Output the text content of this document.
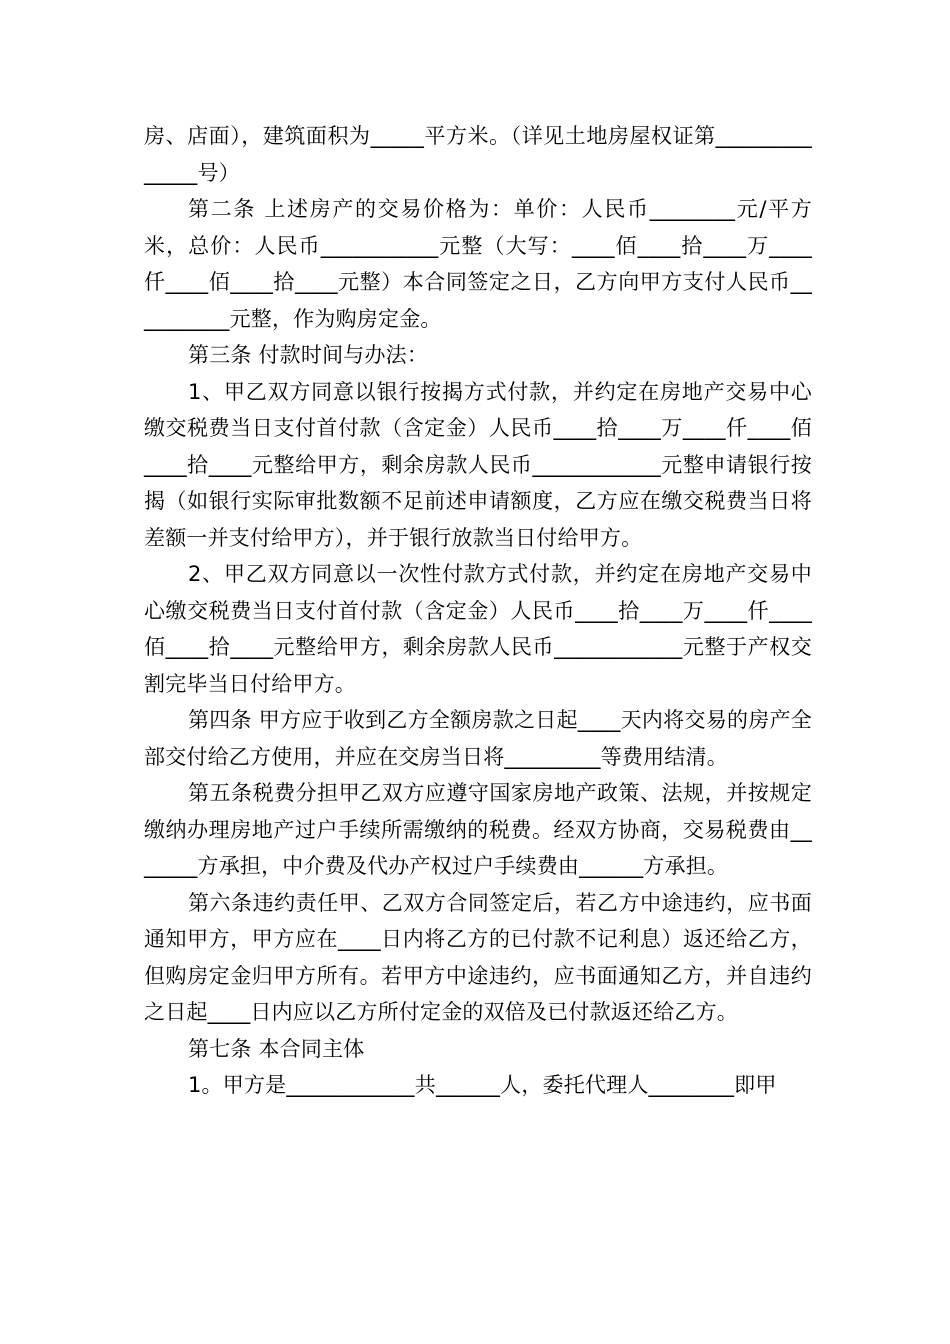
房、店面），建筑面积为_____平方米。（详见土地房屋权证第______________号）

第二条 上述房产的交易价格为：单价：人民币________元/平方米，总价：人民币___________元整（大写：____佰____拾____万____仟____佰____拾____元整）本合同签定之日，乙方向甲方支付人民币__________元整，作为购房定金。

第三条 付款时间与办法：

1、甲乙双方同意以银行按揭方式付款，并约定在房地产交易中心缴交税费当日支付首付款（含定金）人民币____拾____万____仟____佰____拾____元整给甲方，剩余房款人民币____________元整申请银行按揭（如银行实际审批数额不足前述申请额度，乙方应在缴交税费当日将差额一并支付给甲方），并于银行放款当日付给甲方。

2、甲乙双方同意以一次性付款方式付款，并约定在房地产交易中心缴交税费当日支付首付款（含定金）人民币____拾____万____仟____佰____拾____元整给甲方，剩余房款人民币____________元整于产权交割完毕当日付给甲方。

第四条 甲方应于收到乙方全额房款之日起____天内将交易的房产全部交付给乙方使用，并应在交房当日将_________等费用结清。

第五条税费分担甲乙双方应遵守国家房地产政策、法规，并按规定缴纳办理房地产过户手续所需缴纳的税费。经双方协商，交易税费由_______方承担，中介费及代办产权过户手续费由______方承担。

第六条违约责任甲、乙双方合同签定后，若乙方中途违约，应书面通知甲方，甲方应在____日内将乙方的已付款不记利息）返还给乙方，但购房定金归甲方所有。若甲方中途违约，应书面通知乙方，并自违约之日起____日内应以乙方所付定金的双倍及已付款返还给乙方。

第七条 本合同主体

1。甲方是____________共______人，委托代理人________即甲
